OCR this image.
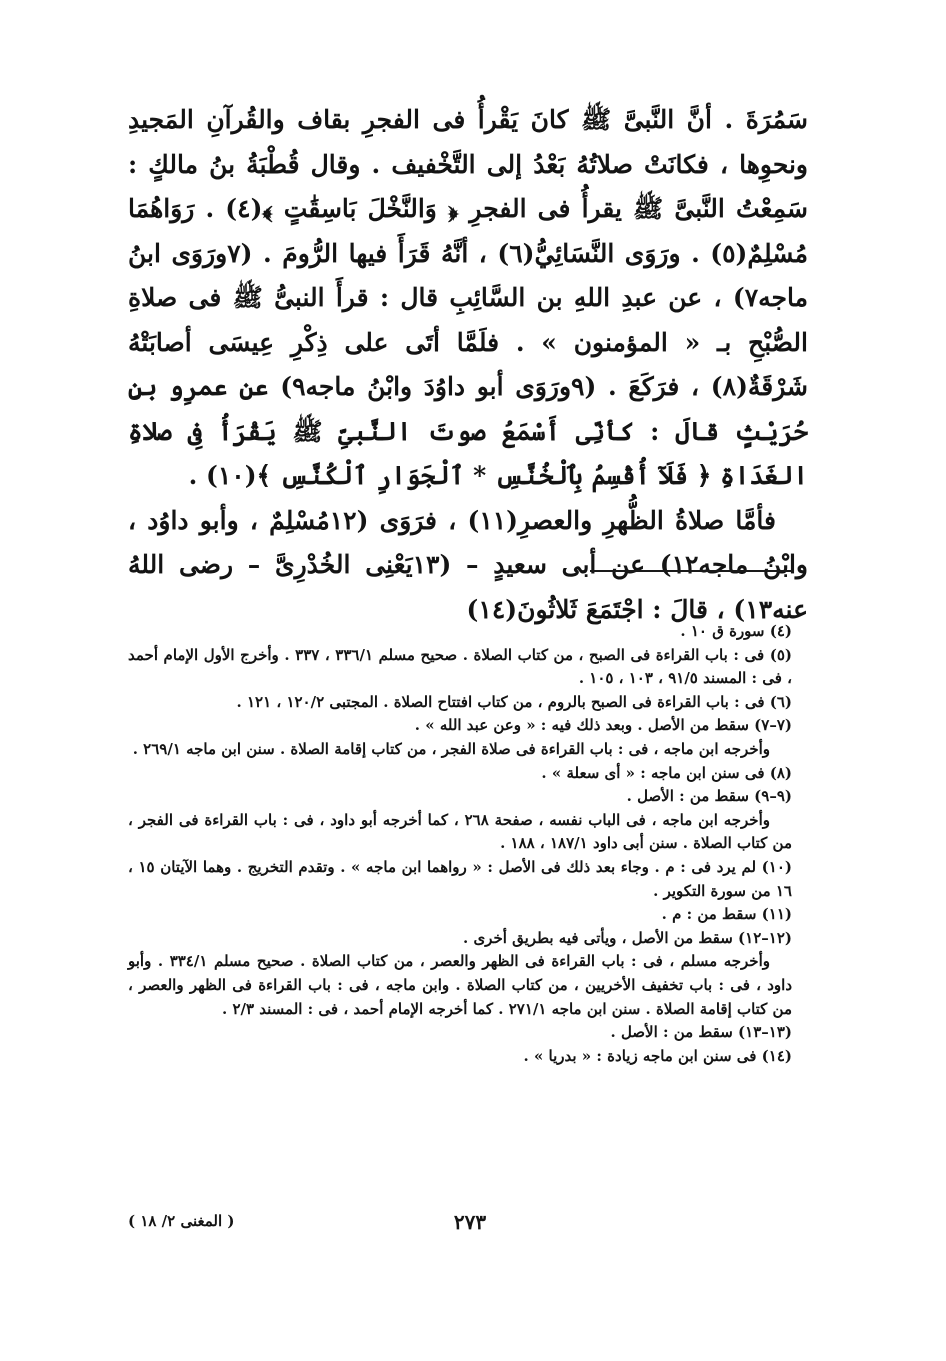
سَمُرَةَ . أنَّ النَّبىَّ ﷺ كانَ يَقْرأُ فى الفجرِ بقاف والقُرآنِ المَجيدِ ونحوِها ، فكانَتْ صلاتُهُ بَعْدُ إلى التَّخْفيف . وقال قُطْبَةُ بنُ مالكٍ : سَمِعْتُ النَّبىَّ ﷺ يقرأُ فى الفجرِ ﴿ وَالنَّخْلَ بَاسِقَٰتٍ ﴾(٤) . رَوَاهُمَا مُسْلِمٌ(٥) . ورَوَى النَّسَائِيُّ(٦) ، أنَّهُ قَرَأَ فيها الرُّومَ . (٧ورَوَى ابنُ ماجه٧) ، عن عبدِ اللهِ بن السَّائِبِ قال : قرأَ النبىُّ ﷺ فى صلاةِ الصُّبْحِ بـ « المؤمنون » . فلَمَّا أتَى على ذِكْرِ عِيسَى أصابَتْهُ شَرْقَةٌ(٨) ، فرَكَعَ . (٩ورَوَى أبو داوُدَ وابْنُ ماجه٩) عن عمرِو بنِ حُرَيْثٍ قالَ : كأنِّى أَسْمَعُ صوتَ النَّبىِّ ﷺ يَقْرَأُ فِى صلاةِ الغَدَاةِ ﴿ فَلَآ أُقْسِمُ بِٱلْخُنَّسِ * ٱلْجَوَارِ ٱلْكُنَّسِ ﴾(١٠) .

فأمَّا صلاةُ الظُّهرِ والعصرِ(١١) ، فرَوَى (١٢مُسْلِمٌ ، وأبو داوُد ، وابْنُ ماجه١٢) عن أبى سعيدٍ – (١٣يَعْنِى الخُدْرِىَّ – رضى اللهُ عنه١٣) ، قالَ : اجْتَمَعَ ثَلاثُونَ(١٤)

(٤) سورة ق ١٠ .

(٥) فى : باب القراءة فى الصبح ، من كتاب الصلاة . صحيح مسلم ٣٣٦/١ ، ٣٣٧ . وأخرج الأول الإمام أحمد ، فى : المسند ٩١/٥ ، ١٠٣ ، ١٠٥ .

(٦) فى : باب القراءة فى الصبح بالروم ، من كتاب افتتاح الصلاة . المجتبى ١٢٠/٢ ، ١٢١ .

(٧–٧) سقط من الأصل . وبعد ذلك فيه : « وعن عبد الله » .

وأخرجه ابن ماجه ، فى : باب القراءة فى صلاة الفجر ، من كتاب إقامة الصلاة . سنن ابن ماجه ٢٦٩/١ .

(٨) فى سنن ابن ماجه : « أى سعلة » .

(٩–٩) سقط من : الأصل .

وأخرجه ابن ماجه ، فى الباب نفسه ، صفحة ٢٦٨ ، كما أخرجه أبو داود ، فى : باب القراءة فى الفجر ، من كتاب الصلاة . سنن أبى داود ١٨٧/١ ، ١٨٨ .

(١٠) لم يرد فى : م . وجاء بعد ذلك فى الأصل : « رواهما ابن ماجه » . وتقدم التخريج . وهما الآيتان ١٥ ، ١٦ من سورة التكوير .

(١١) سقط من : م .

(١٢–١٢) سقط من الأصل ، ويأتى فيه بطريق أخرى .

وأخرجه مسلم ، فى : باب القراءة فى الظهر والعصر ، من كتاب الصلاة . صحيح مسلم ٣٣٤/١ . وأبو داود ، فى : باب تخفيف الأخريين ، من كتاب الصلاة . وابن ماجه ، فى : باب القراءة فى الظهر والعصر ، من كتاب إقامة الصلاة . سنن ابن ماجه ٢٧١/١ . كما أخرجه الإمام أحمد ، فى : المسند ٢/٣ .

(١٣–١٣) سقط من : الأصل .

(١٤) فى سنن ابن ماجه زيادة : « بدريا » .

٢٧٣
( المغنى ٢/ ١٨ )
